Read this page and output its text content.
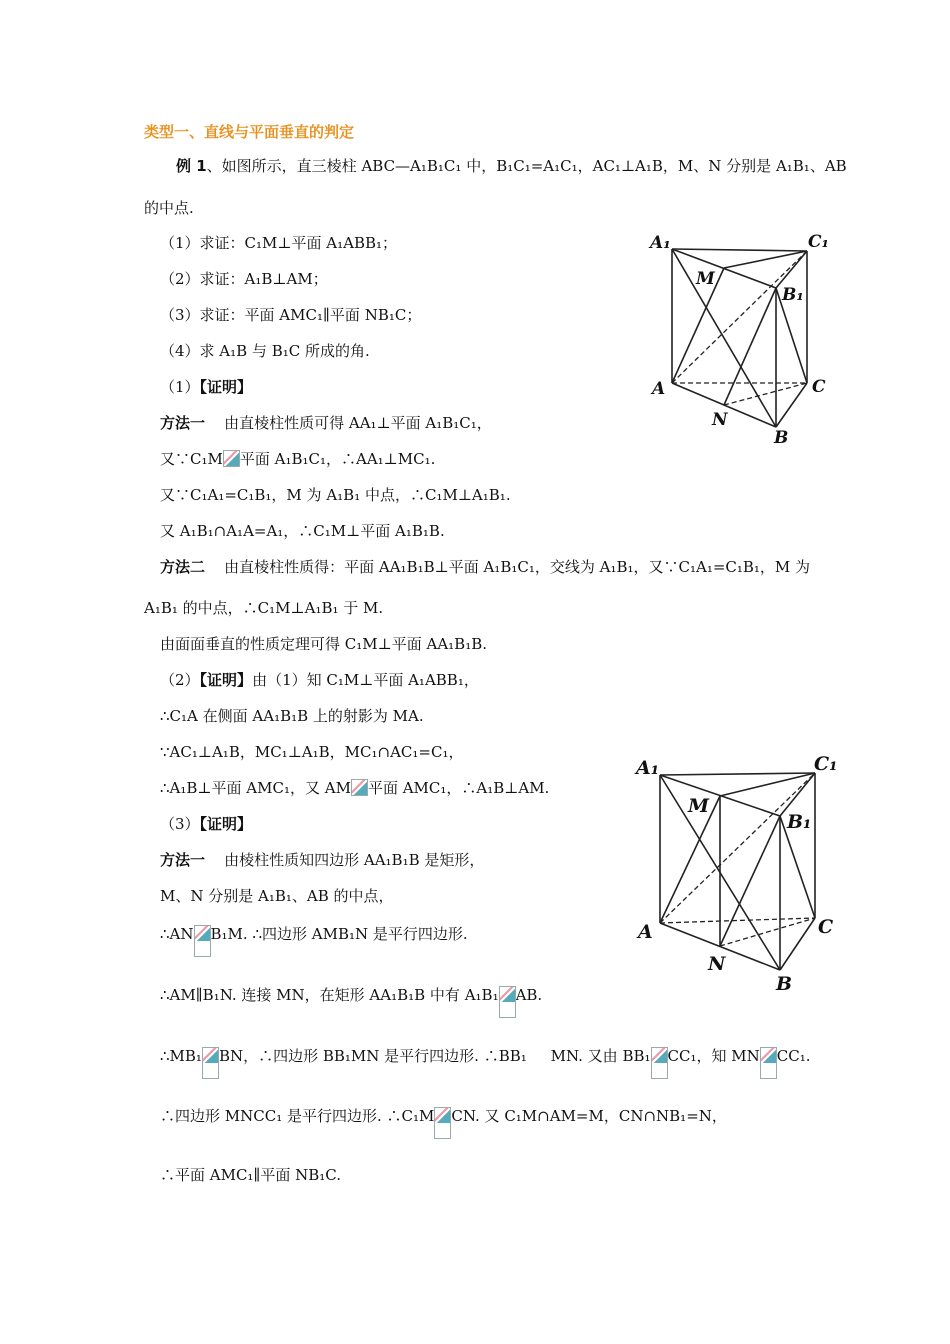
类型一、直线与平面垂直的判定
例 1、如图所示，直三棱柱 ABC—A₁B₁C₁ 中，B₁C₁=A₁C₁，AC₁⊥A₁B，M、N 分别是 A₁B₁、AB
的中点.
（1）求证：C₁M⊥平面 A₁ABB₁；
（2）求证：A₁B⊥AM；
（3）求证：平面 AMC₁∥平面 NB₁C；
（4）求 A₁B 与 B₁C 所成的角.
（1）【证明】
方法一 由直棱柱性质可得 AA₁⊥平面 A₁B₁C₁，
又∵C₁M 平面 A₁B₁C₁，∴AA₁⊥MC₁.
又∵C₁A₁=C₁B₁，M 为 A₁B₁ 中点，∴C₁M⊥A₁B₁.
又 A₁B₁∩A₁A=A₁，∴C₁M⊥平面 A₁B₁B.
方法二 由直棱柱性质得：平面 AA₁B₁B⊥平面 A₁B₁C₁，交线为 A₁B₁，又∵C₁A₁=C₁B₁，M 为
A₁B₁ 的中点，∴C₁M⊥A₁B₁ 于 M.
由面面垂直的性质定理可得 C₁M⊥平面 AA₁B₁B.
（2）【证明】由（1）知 C₁M⊥平面 A₁ABB₁，
∴C₁A 在侧面 AA₁B₁B 上的射影为 MA.
∵AC₁⊥A₁B，MC₁⊥A₁B，MC₁∩AC₁=C₁，
∴A₁B⊥平面 AMC₁，又 AM 平面 AMC₁，∴A₁B⊥AM.
（3）【证明】
方法一 由棱柱性质知四边形 AA₁B₁B 是矩形，
M、N 分别是 A₁B₁、AB 的中点，
∴AN B₁M. ∴四边形 AMB₁N 是平行四边形.
∴AM∥B₁N. 连接 MN，在矩形 AA₁B₁B 中有 A₁B₁ AB.
∴MB₁ BN，∴四边形 BB₁MN 是平行四边形. ∴BB₁ MN. 又由 BB₁ CC₁，知 MN CC₁.
∴四边形 MNCC₁ 是平行四边形. ∴C₁M CN. 又 C₁M∩AM=M，CN∩NB₁=N，
∴平面 AMC₁∥平面 NB₁C.
A₁	C₁
M
B₁
A	C
N
B
A₁	C₁
M
B₁
A	C
N
B
